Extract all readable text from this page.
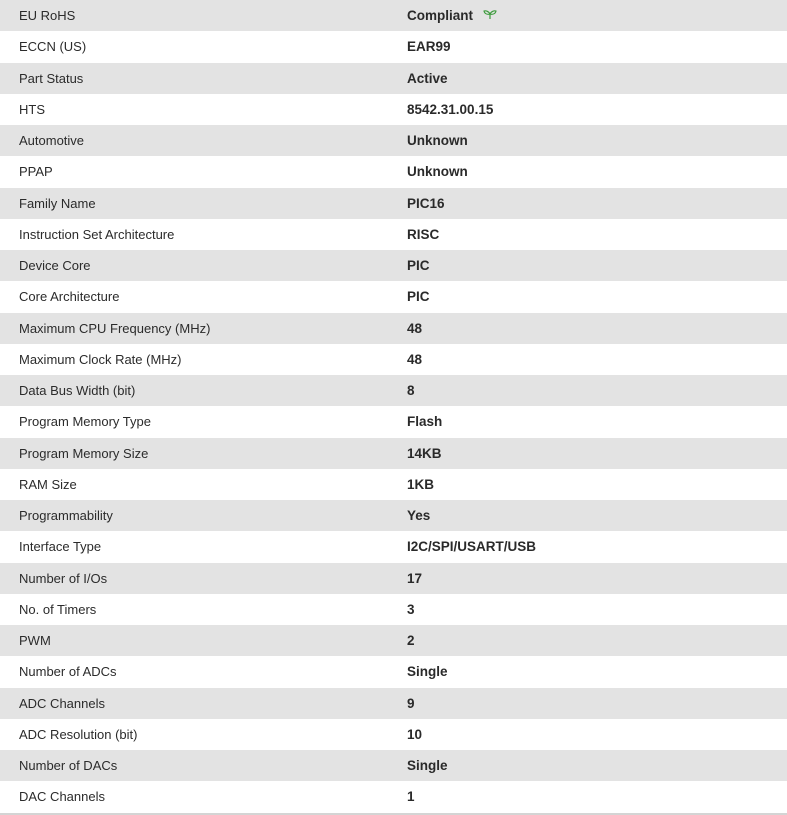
EU RoHS	Compliant
ECCN (US)	EAR99
Part Status	Active
HTS	8542.31.00.15
Automotive	Unknown
PPAP	Unknown
Family Name	PIC16
Instruction Set Architecture	RISC
Device Core	PIC
Core Architecture	PIC
Maximum CPU Frequency (MHz)	48
Maximum Clock Rate (MHz)	48
Data Bus Width (bit)	8
Program Memory Type	Flash
Program Memory Size	14KB
RAM Size	1KB
Programmability	Yes
Interface Type	I2C/SPI/USART/USB
Number of I/Os	17
No. of Timers	3
PWM	2
Number of ADCs	Single
ADC Channels	9
ADC Resolution (bit)	10
Number of DACs	Single
DAC Channels	1
